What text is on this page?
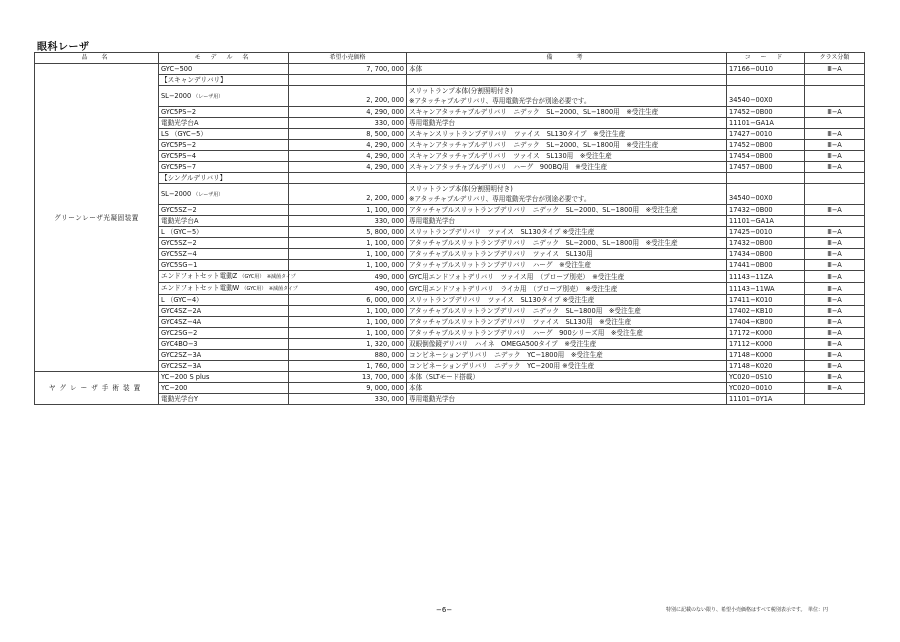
眼科レーザ
品　名	モ デ ル 名	希望小売価格	備　　考	コ ー ド	クラス分類
グリーンレーザ光凝固装置	GYC−500	7, 700, 000	本体	17166−0U10	Ⅲ−A
	【スキャンデリバリ】				
	SL−2000 （レーザ用）	2, 200, 000	スリットランプ本体(分割照明付き)
※アタッチャブルデリバリ、専用電動光学台が別途必要です。	34540−00X0	

	GYC5PS−2	4, 290, 000	スキャンアタッチャブルデリバリ　ニデック　SL−2000、SL−1800用　※受注生産	17452−0B00	Ⅲ−A
	電動光学台A	330, 000	専用電動光学台	11101−GA1A	
	LS （GYC−5）	8, 500, 000	スキャンスリットランプデリバリ　ツァイス　SL130タイプ　※受注生産	17427−0010	Ⅲ−A
	GYC5PS−2	4, 290, 000	スキャンアタッチャブルデリバリ　ニデック　SL−2000、SL−1800用　※受注生産	17452−0B00	Ⅲ−A
	GYC5PS−4	4, 290, 000	スキャンアタッチャブルデリバリ　ツァイス　SL130用　※受注生産	17454−0B00	Ⅲ−A
	GYC5PS−7	4, 290, 000	スキャンアタッチャブルデリバリ　ハーグ　900BQ用　※受注生産	17457−0B00	Ⅲ−A
	【シングルデリバリ】				
	SL−2000 （レーザ用）	2, 200, 000	スリットランプ本体(分割照明付き)
※アタッチャブルデリバリ、専用電動光学台が別途必要です。	34540−00X0	

	GYC5SZ−2	1, 100, 000	アタッチャブルスリットランプデリバリ　ニデック　SL−2000、SL−1800用　※受注生産	17432−0B00	Ⅲ−A
	電動光学台A	330, 000	専用電動光学台	11101−GA1A	
	L （GYC−5）	5, 800, 000	スリットランプデリバリ　ツァイス　SL130タイプ ※受注生産	17425−0010	Ⅲ−A
	GYC5SZ−2	1, 100, 000	アタッチャブルスリットランプデリバリ　ニデック　SL−2000、SL−1800用　※受注生産	17432−0B00	Ⅲ−A
	GYC5SZ−4	1, 100, 000	アタッチャブルスリットランプデリバリ　ツァイス　SL130用	17434−0B00	Ⅲ−A
	GYC5SG−1	1, 100, 000	アタッチャブルスリットランプデリバリ　ハーグ　※受注生産	17441−0B00	Ⅲ−A
	エンドフォトセット電動Z （GYC用）　※減菌タイプ	490, 000	GYC用エンドフォトデリバリ　ツァイス用　（プローブ別売）　※受注生産	11143−11ZA	Ⅲ−A
	エンドフォトセット電動W （GYC用）　※減菌タイプ	490, 000	GYC用エンドフォトデリバリ　ライカ用　（プローブ別売）　※受注生産	11143−11WA	Ⅲ−A
	L （GYC−4）	6, 000, 000	スリットランプデリバリ　ツァイス　SL130タイプ ※受注生産	17411−K010	Ⅲ−A
	GYC4SZ−2A	1, 100, 000	アタッチャブルスリットランプデリバリ　ニデック　SL−1800用　※受注生産	17402−KB10	Ⅲ−A
	GYC4SZ−4A	1, 100, 000	アタッチャブルスリットランプデリバリ　ツァイス　SL130用　※受注生産	17404−KB00	Ⅲ−A
	GYC2SG−2	1, 100, 000	アタッチャブルスリットランプデリバリ　ハーグ　900シリーズ用　※受注生産	17172−K000	Ⅲ−A
	GYC4BO−3	1, 320, 000	双眼倒像鏡デリバリ　ハイネ　OMEGA500タイプ　※受注生産	17112−K000	Ⅲ−A
	GYC2SZ−3A	880, 000	コンビネーションデリバリ　ニデック　YC−1800用　※受注生産	17148−K000	Ⅲ−A
	GYC2SZ−3A	1, 760, 000	コンビネーションデリバリ　ニデック　YC−200用 ※受注生産	17148−K020	Ⅲ−A
ヤグレーザ手術装置	YC−200 S plus	13, 700, 000	本体（SLTモード搭載）	YC020−0S10	Ⅲ−A
	YC−200	9, 000, 000	本体	YC020−0010	Ⅲ−A
	電動光学台Y	330, 000	専用電動光学台	11101−0Y1A	
−6−	特別に記載のない限り、希望小売価格はすべて税別表示です。　単位：円
